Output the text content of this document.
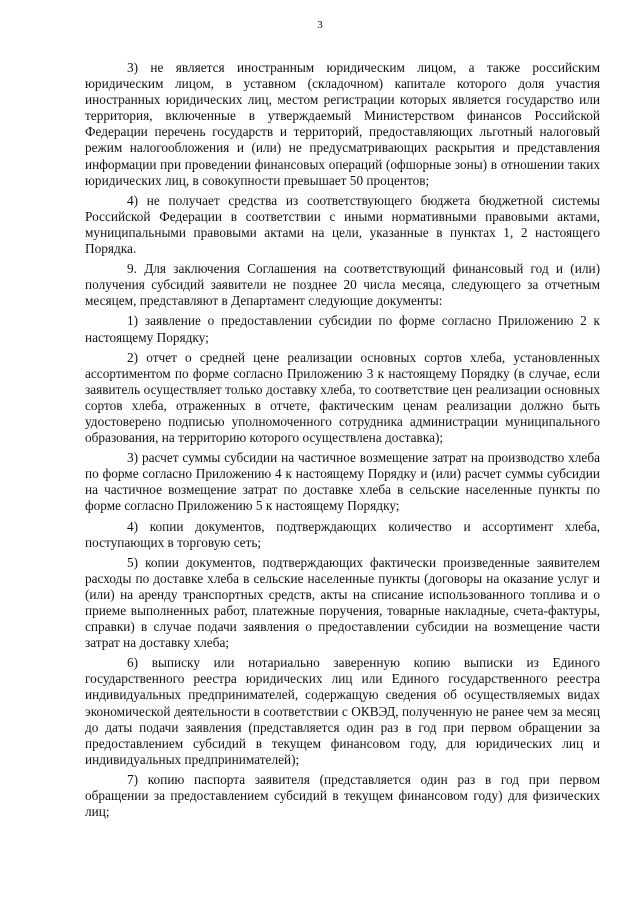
3

3) не является иностранным юридическим лицом, а также российским юридическим лицом, в уставном (складочном) капитале которого доля участия иностранных юридических лиц, местом регистрации которых является государство или территория, включенные в утверждаемый Министерством финансов Российской Федерации перечень государств и территорий, предоставляющих льготный налоговый режим налогообложения и (или) не предусматривающих раскрытия и представления информации при проведении финансовых операций (офшорные зоны) в отношении таких юридических лиц, в совокупности превышает 50 процентов;

4) не получает средства из соответствующего бюджета бюджетной системы Российской Федерации в соответствии с иными нормативными правовыми актами, муниципальными правовыми актами на цели, указанные в пунктах 1, 2 настоящего Порядка.

9. Для заключения Соглашения на соответствующий финансовый год и (или) получения субсидий заявители не позднее 20 числа месяца, следующего за отчетным месяцем, представляют в Департамент следующие документы:

1) заявление о предоставлении субсидии по форме согласно Приложению 2 к настоящему Порядку;

2) отчет о средней цене реализации основных сортов хлеба, установленных ассортиментом по форме согласно Приложению 3 к настоящему Порядку (в случае, если заявитель осуществляет только доставку хлеба, то соответствие цен реализации основных сортов хлеба, отраженных в отчете, фактическим ценам реализации должно быть удостоверено подписью уполномоченного сотрудника администрации муниципального образования, на территорию которого осуществлена доставка);

3) расчет суммы субсидии на частичное возмещение затрат на производство хлеба по форме согласно Приложению 4 к настоящему Порядку и (или) расчет суммы субсидии на частичное возмещение затрат по доставке хлеба в сельские населенные пункты по форме согласно Приложению 5 к настоящему Порядку;

4) копии документов, подтверждающих количество и ассортимент хлеба, поступающих в торговую сеть;

5) копии документов, подтверждающих фактически произведенные заявителем расходы по доставке хлеба в сельские населенные пункты (договоры на оказание услуг и (или) на аренду транспортных средств, акты на списание использованного топлива и о приеме выполненных работ, платежные поручения, товарные накладные, счета-фактуры, справки) в случае подачи заявления о предоставлении субсидии на возмещение части затрат на доставку хлеба;

6) выписку или нотариально заверенную копию выписки из Единого государственного реестра юридических лиц или Единого государственного реестра индивидуальных предпринимателей, содержащую сведения об осуществляемых видах экономической деятельности в соответствии с ОКВЭД, полученную не ранее чем за месяц до даты подачи заявления (представляется один раз в год при первом обращении за предоставлением субсидий в текущем финансовом году, для юридических лиц и индивидуальных предпринимателей);

7) копию паспорта заявителя (представляется один раз в год при первом обращении за предоставлением субсидий в текущем финансовом году) для физических лиц;
